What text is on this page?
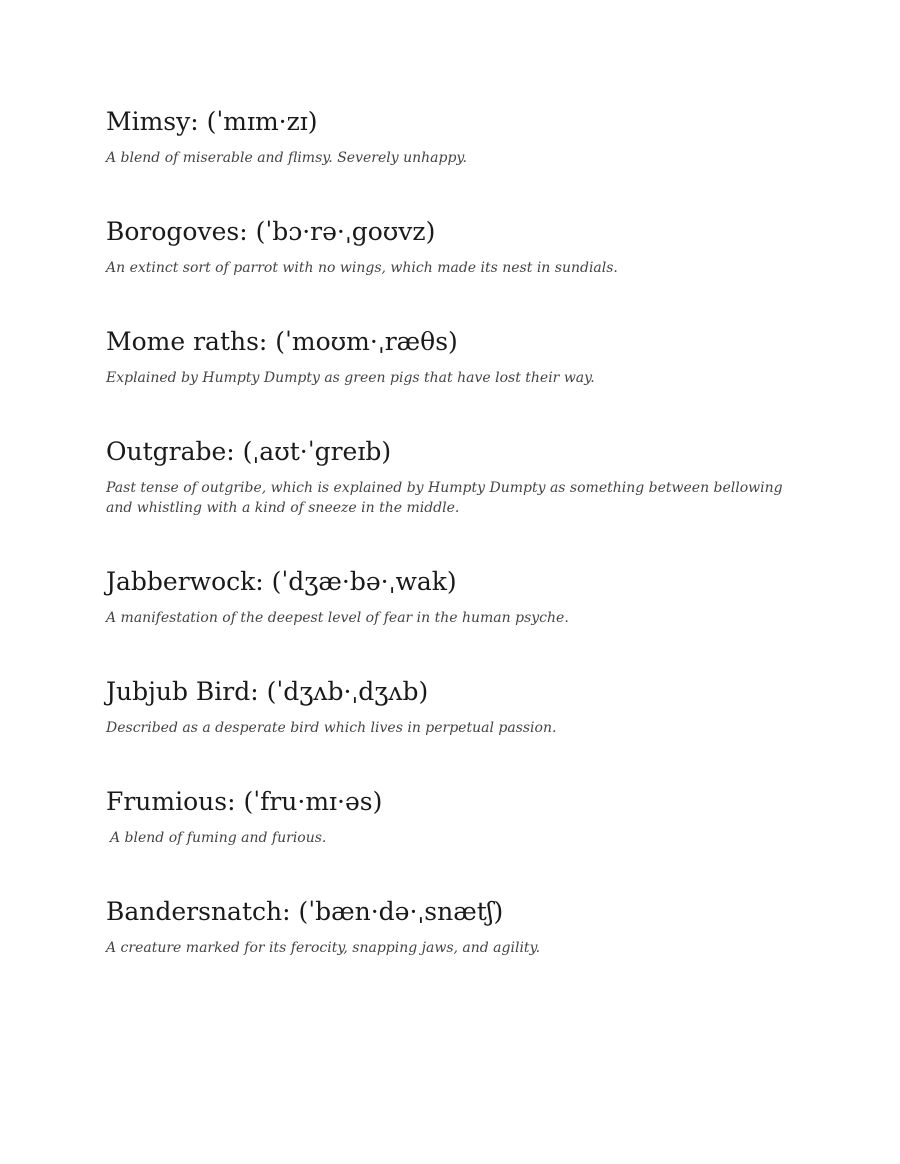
Mimsy: (ˈmɪm·zɪ)

A blend of miserable and flimsy. Severely unhappy.

Borogoves: (ˈbɔ·rə·ˌgoʊvz)

An extinct sort of parrot with no wings, which made its nest in sundials.

Mome raths: (ˈmoʊm·ˌræθs)

Explained by Humpty Dumpty as green pigs that have lost their way.

Outgrabe: (ˌaʊt·ˈgreɪb)

Past tense of outgribe, which is explained by Humpty Dumpty as something between bellowing and whistling with a kind of sneeze in the middle.

Jabberwock: (ˈdʒæ·bə·ˌwak)

A manifestation of the deepest level of fear in the human psyche.

Jubjub Bird: (ˈdʒʌb·ˌdʒʌb)

Described as a desperate bird which lives in perpetual passion.

Frumious: (ˈfru·mɪ·əs)

A blend of fuming and furious.

Bandersnatch: (ˈbæn·də·ˌsnætʃ)

A creature marked for its ferocity, snapping jaws, and agility.
